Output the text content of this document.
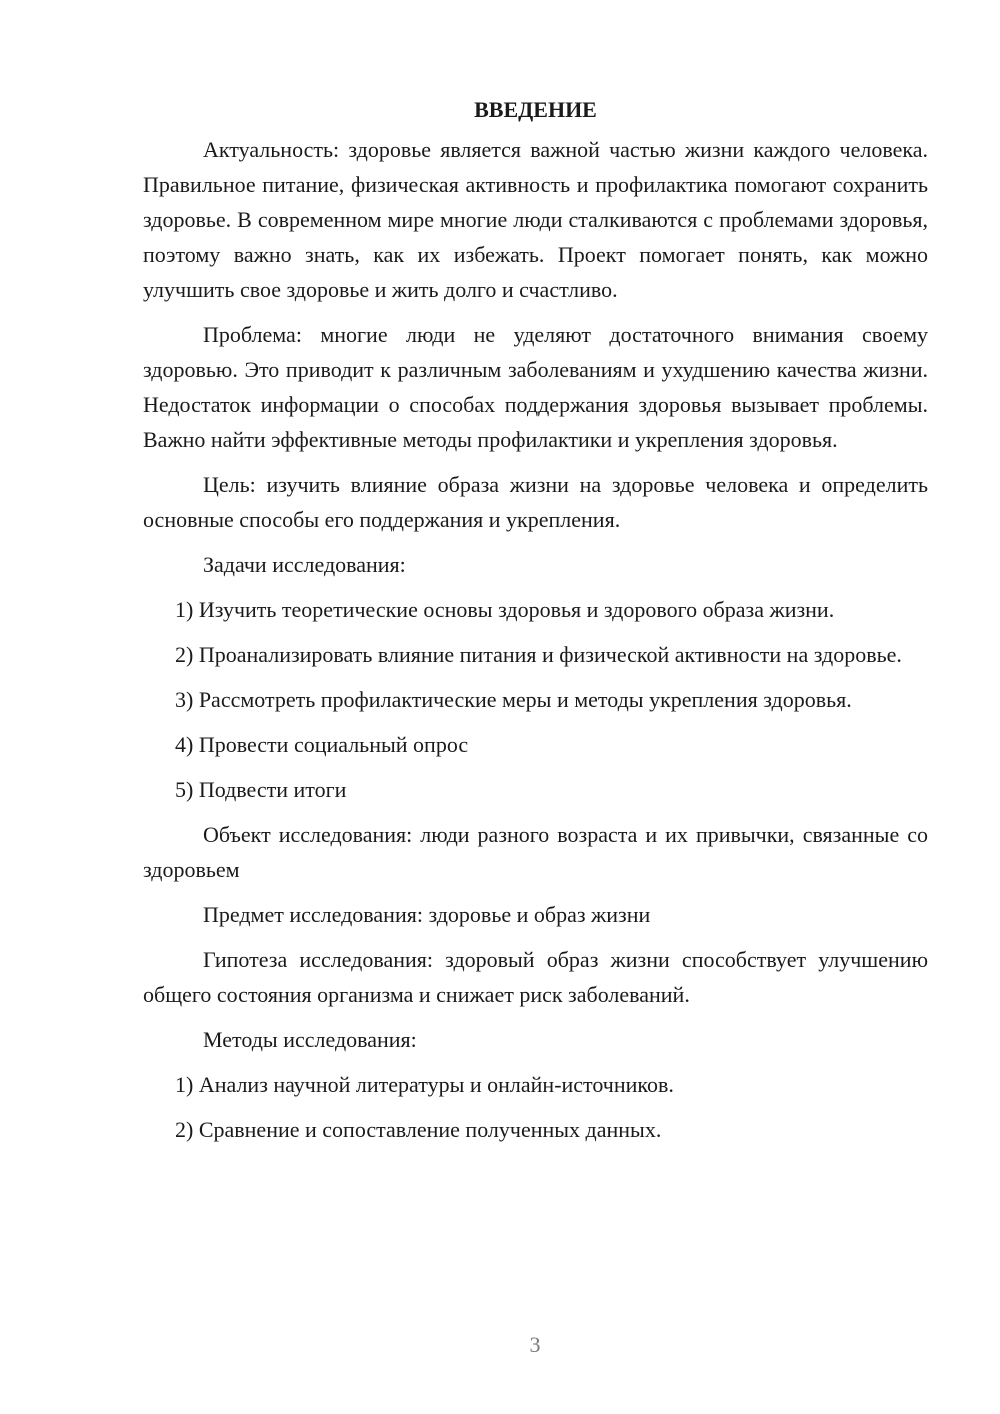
ВВЕДЕНИЕ

Актуальность: здоровье является важной частью жизни каждого человека. Правильное питание, физическая активность и профилактика помогают сохранить здоровье. В современном мире многие люди сталкиваются с проблемами здоровья, поэтому важно знать, как их избежать. Проект помогает понять, как можно улучшить свое здоровье и жить долго и счастливо.

Проблема: многие люди не уделяют достаточного внимания своему здоровью. Это приводит к различным заболеваниям и ухудшению качества жизни. Недостаток информации о способах поддержания здоровья вызывает проблемы. Важно найти эффективные методы профилактики и укрепления здоровья.

Цель: изучить влияние образа жизни на здоровье человека и определить основные способы его поддержания и укрепления.

Задачи исследования:

1) Изучить теоретические основы здоровья и здорового образа жизни.

2) Проанализировать влияние питания и физической активности на здоровье.

3) Рассмотреть профилактические меры и методы укрепления здоровья.

4) Провести социальный опрос

5) Подвести итоги

Объект исследования: люди разного возраста и их привычки, связанные со здоровьем

Предмет исследования: здоровье и образ жизни

Гипотеза исследования: здоровый образ жизни способствует улучшению общего состояния организма и снижает риск заболеваний.

Методы исследования:

1) Анализ научной литературы и онлайн-источников.

2) Сравнение и сопоставление полученных данных.

3
